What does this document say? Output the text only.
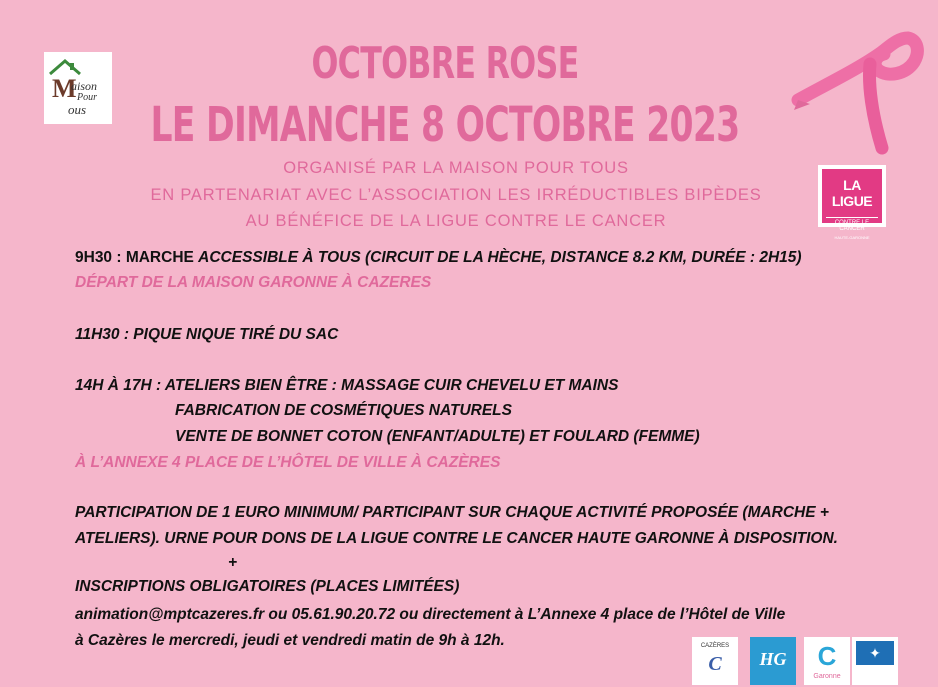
M
aison
Pour
ous
OCTOBRE ROSE
LE DIMANCHE 8 OCTOBRE 2023
ORGANISÉ PAR LA MAISON POUR TOUS
EN PARTENARIAT AVEC L’ASSOCIATION LES IRRÉDUCTIBLES BIPÈDES
AU BÉNÉFICE DE LA LIGUE CONTRE LE CANCER
LA LIGUE
CONTRE LE CANCER
HAUTE-GARONNE
9H30 : MARCHE ACCESSIBLE À TOUS (CIRCUIT DE LA HÈCHE, DISTANCE 8.2 KM, DURÉE : 2H15)
DÉPART DE LA MAISON GARONNE À CAZERES
11H30 : PIQUE NIQUE TIRÉ DU SAC
14H À 17H : ATELIERS BIEN ÊTRE : MASSAGE CUIR CHEVELU ET MAINS
FABRICATION DE COSMÉTIQUES NATURELS
VENTE DE BONNET COTON (ENFANT/ADULTE) ET FOULARD (FEMME)
À L’ANNEXE 4 PLACE DE L’HÔTEL DE VILLE À CAZÈRES
PARTICIPATION DE 1 EURO MINIMUM/ PARTICIPANT SUR CHAQUE ACTIVITÉ PROPOSÉE (MARCHE +
ATELIERS). URNE POUR DONS DE LA LIGUE CONTRE LE CANCER HAUTE GARONNE À DISPOSITION.
+
INSCRIPTIONS OBLIGATOIRES (PLACES LIMITÉES)
animation@mptcazeres.fr ou 05.61.90.20.72 ou directement à L’Annexe 4 place de l’Hôtel de Ville
à Cazères le mercredi, jeudi et vendredi matin de 9h à 12h.	CAZÈRES
C	HG	C
Garonne
✦
